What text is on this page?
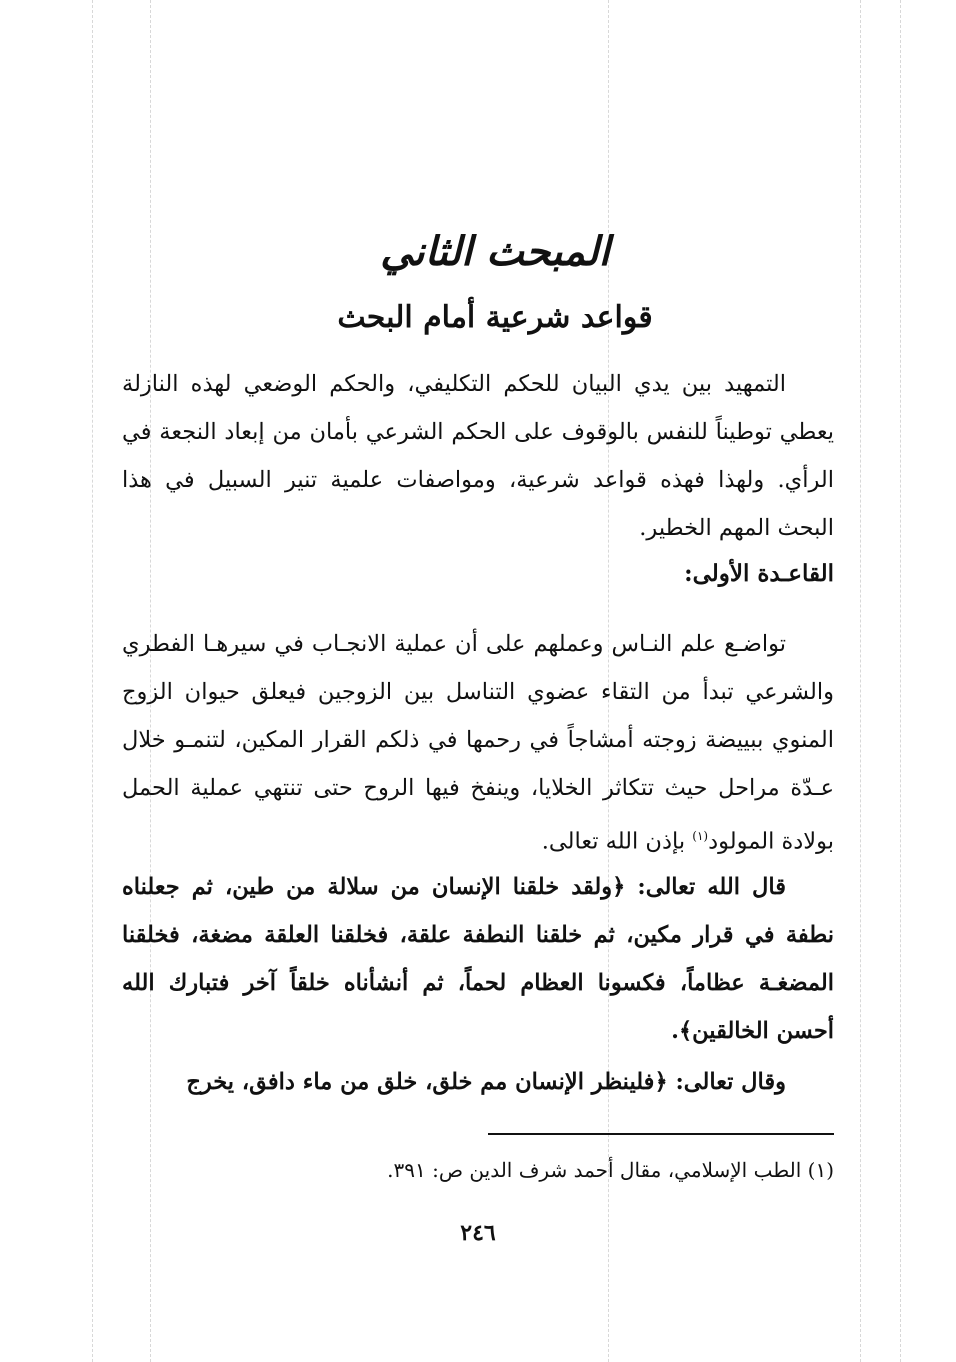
المبحث الثاني
قواعد شرعية أمام البحث

التمهيد بين يدي البيان للحكم التكليفي، والحكم الوضعي لهذه النازلة يعطي توطيناً للنفس بالوقوف على الحكم الشرعي بأمان من إبعاد النجعة في الرأي. ولهذا فهذه قواعد شرعية، ومواصفات علمية تنير السبيل في هذا البحث المهم الخطير.

القاعـدة الأولى:

تواضـع علم النـاس وعملهم على أن عملية الانجـاب في سيرهـا الفطري والشرعي تبدأ من التقاء عضوي التناسل بين الزوجين فيعلق حيوان الزوج المنوي ببييضة زوجته أمشاجاً في رحمها في ذلكم القرار المكين، لتنمـو خلال عـدّة مراحل حيث تتكاثر الخلايا، وينفخ فيها الروح حتى تنتهي عملية الحمل بولادة المولود$^{(١)}$ بإذن الله تعالى.

قال الله تعالى: ﴿ولقد خلقنا الإنسان من سلالة من طين، ثم جعلناه نطفة في قرار مكين، ثم خلقنا النطفة علقة، فخلقنا العلقة مضغة، فخلقنا المضغـة عظاماً، فكسونا العظام لحماً، ثم أنشأناه خلقاً آخر فتبارك الله أحسن الخالقين﴾.

وقال تعالى: ﴿فلينظر الإنسان مم خلق، خلق من ماء دافق، يخرج

(١) الطب الإسلامي، مقال أحمد شرف الدين ص: ٣٩١.

٢٤٦
